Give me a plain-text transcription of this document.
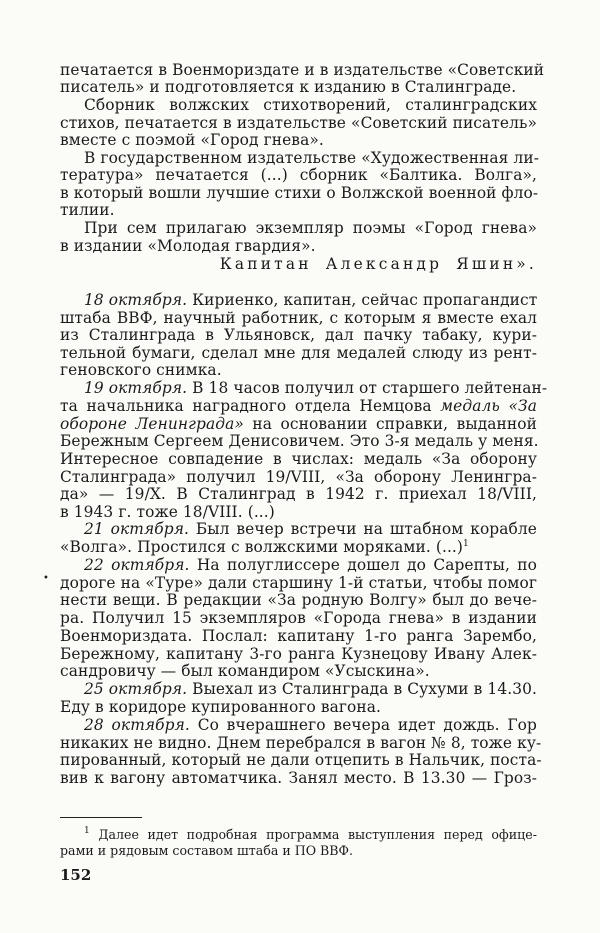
печатается в Военмориздате и в издательстве «Советский
писатель» и подготовляется к изданию в Сталинграде.
Сборник волжских стихотворений, сталинградских
стихов, печатается в издательстве «Советский писатель»
вместе с поэмой «Город гнева».
В государственном издательстве «Художественная ли-
тература» печатается (...) сборник «Балтика. Волга»,
в который вошли лучшие стихи о Волжской военной фло-
тилии.
При сем прилагаю экземпляр поэмы «Город гнева»
в издании «Молодая гвардия».
Капитан Александр Яшин».
18 октября. Кириенко, капитан, сейчас пропагандист
штаба ВВФ, научный работник, с которым я вместе ехал
из Сталинграда в Ульяновск, дал пачку табаку, кури-
тельной бумаги, сделал мне для медалей слюду из рент-
геновского снимка.
19 октября. В 18 часов получил от старшего лейтенан-
та начальника наградного отдела Немцова медаль «За
обороне Ленинграда» на основании справки, выданной
Бережным Сергеем Денисовичем. Это 3-я медаль у меня.
Интересное совпадение в числах: медаль «За оборону
Сталинграда» получил 19/VIII, «За оборону Ленингра-
да» — 19/X. В Сталинград в 1942 г. приехал 18/VIII,
в 1943 г. тоже 18/VIII. (...)
21 октября. Был вечер встречи на штабном корабле
«Волга». Простился с волжскими моряками. (...)$^1$
22 октября. На полуглиссере дошел до Сарепты, по
дороге на «Туре» дали старшину 1-й статьи, чтобы помог
нести вещи. В редакции «За родную Волгу» был до вече-
ра. Получил 15 экземпляров «Города гнева» в издании
Военмориздата. Послал: капитану 1-го ранга Зарембо,
Бережному, капитану 3-го ранга Кузнецову Ивану Алек-
сандровичу — был командиром «Усыскина».
25 октября. Выехал из Сталинграда в Сухуми в 14.30.
Еду в коридоре купированного вагона.
28 октября. Со вчерашнего вечера идет дождь. Гор
никаких не видно. Днем перебрался в вагон № 8, тоже ку-
пированный, который не дали отцепить в Нальчик, поста-
вив к вагону автоматчика. Занял место. В 13.30 — Гроз-
•
$^1$ Далее идет подробная программа выступления перед офице-
рами и рядовым составом штаба и ПО ВВФ.
152
